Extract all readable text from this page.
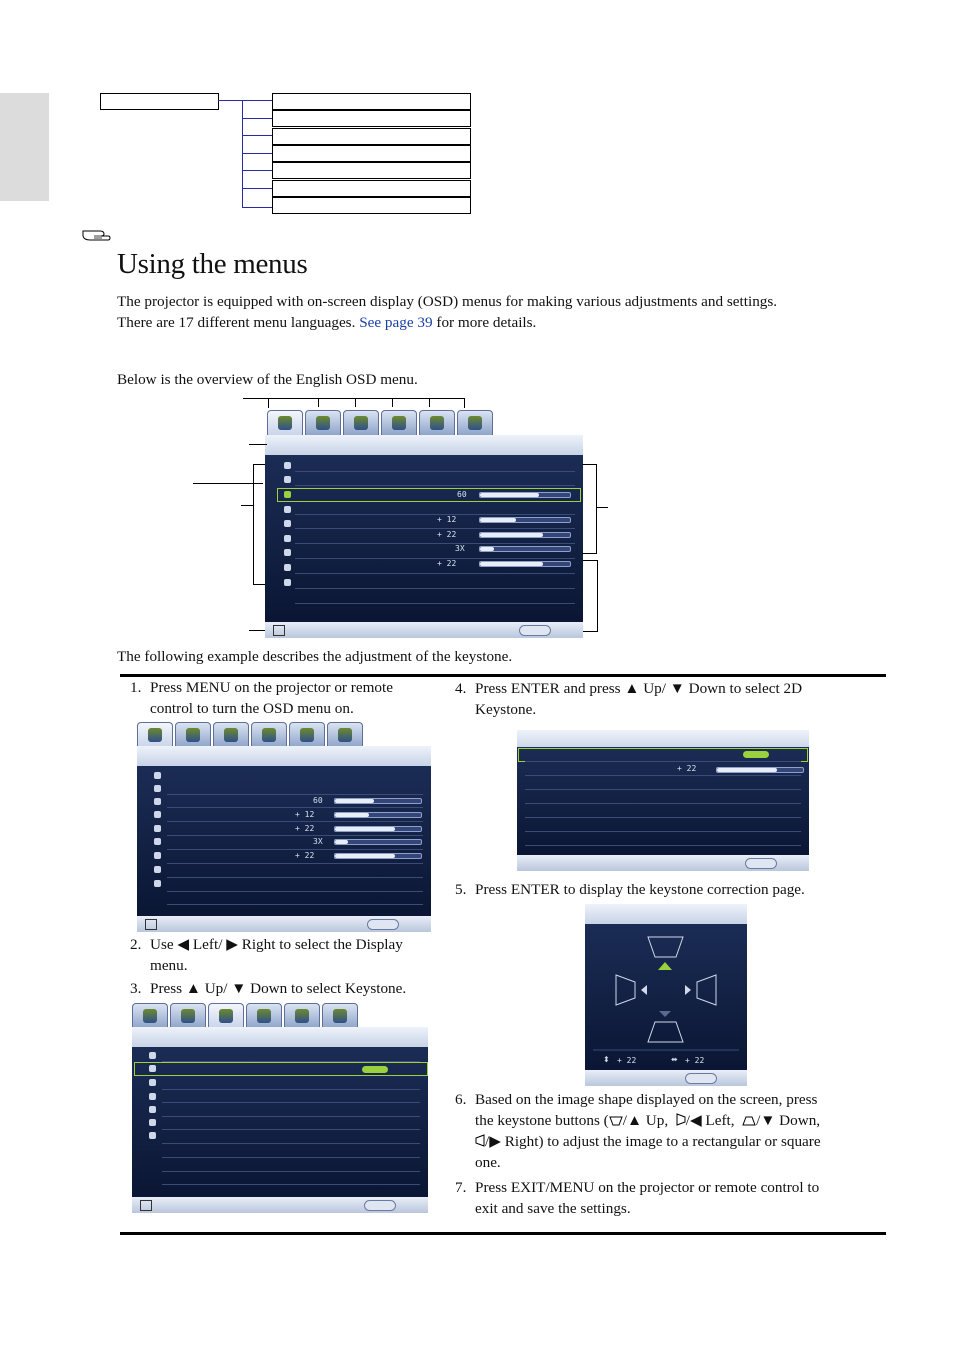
Using the menus

The projector is equipped with on-screen display (OSD) menus for making various adjustments and settings.
There are 17 different menu languages. See page 39 for more details.

Below is the overview of the English OSD menu.

60
+ 12
+ 22
3X
+ 22

The following example describes the adjustment of the keystone.

1. Press MENU on the projector or remote
control to turn the OSD menu on.
60
+ 12
+ 22
3X
+ 22
2. Use ◀ Left/ ▶ Right to select the Display
menu.
3. Press ▲ Up/ ▼ Down to select Keystone.
4. Press ENTER and press ▲ Up/ ▼ Down to select 2D
Keystone.
+ 22
5. Press ENTER to display the keystone correction page.
+ 22	+ 22
⬍	⬌
6. Based on the image shape displayed on the screen, press
the keystone buttons ( /▲ Up, /◀ Left, /▼ Down,
/▶ Right) to adjust the image to a rectangular or square
one.
7. Press EXIT/MENU on the projector or remote control to
exit and save the settings.
